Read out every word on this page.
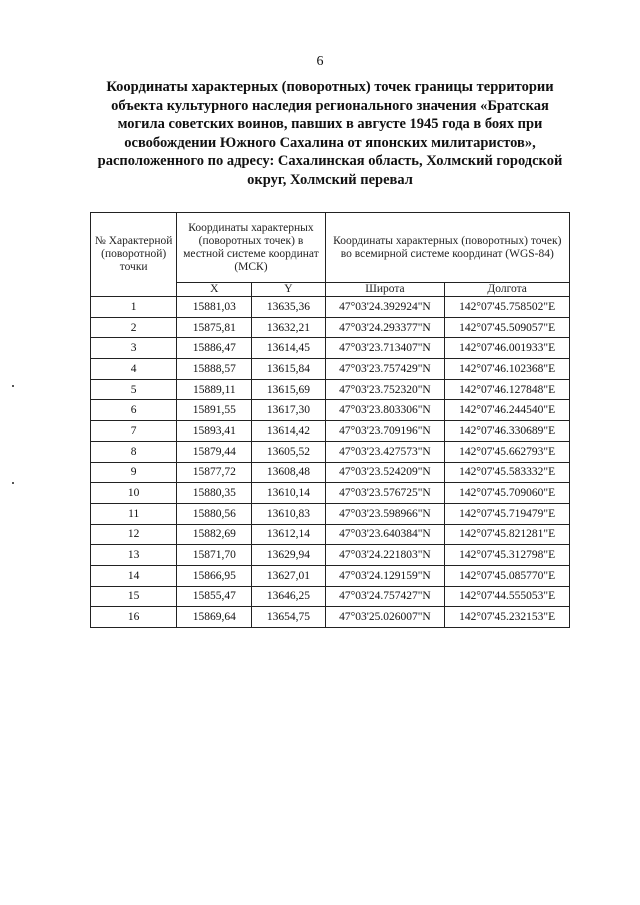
6
Координаты характерных (поворотных) точек границы территории
объекта культурного наследия регионального значения «Братская
могила советских воинов, павших в августе 1945 года в боях при
освобождении Южного Сахалина от японских милитаристов»,
расположенного по адресу: Сахалинская область, Холмский городской
округ, Холмский перевал
№ Характерной (поворотной) точки	Координаты характерных (поворотных точек) в местной системе координат (МСК)		Координаты характерных (поворотных) точек) во всемирной системе координат (WGS-84)	
	X	Y	Широта	Долгота
1	15881,03	13635,36	47°03'24.392924"N	142°07'45.758502"E
2	15875,81	13632,21	47°03'24.293377"N	142°07'45.509057"E
3	15886,47	13614,45	47°03'23.713407"N	142°07'46.001933"E
4	15888,57	13615,84	47°03'23.757429"N	142°07'46.102368"E
5	15889,11	13615,69	47°03'23.752320"N	142°07'46.127848"E
6	15891,55	13617,30	47°03'23.803306"N	142°07'46.244540"E
7	15893,41	13614,42	47°03'23.709196"N	142°07'46.330689"E
8	15879,44	13605,52	47°03'23.427573"N	142°07'45.662793"E
9	15877,72	13608,48	47°03'23.524209"N	142°07'45.583332"E
10	15880,35	13610,14	47°03'23.576725"N	142°07'45.709060"E
11	15880,56	13610,83	47°03'23.598966"N	142°07'45.719479"E
12	15882,69	13612,14	47°03'23.640384"N	142°07'45.821281"E
13	15871,70	13629,94	47°03'24.221803"N	142°07'45.312798"E
14	15866,95	13627,01	47°03'24.129159"N	142°07'45.085770"E
15	15855,47	13646,25	47°03'24.757427"N	142°07'44.555053"E
16	15869,64	13654,75	47°03'25.026007"N	142°07'45.232153"E
